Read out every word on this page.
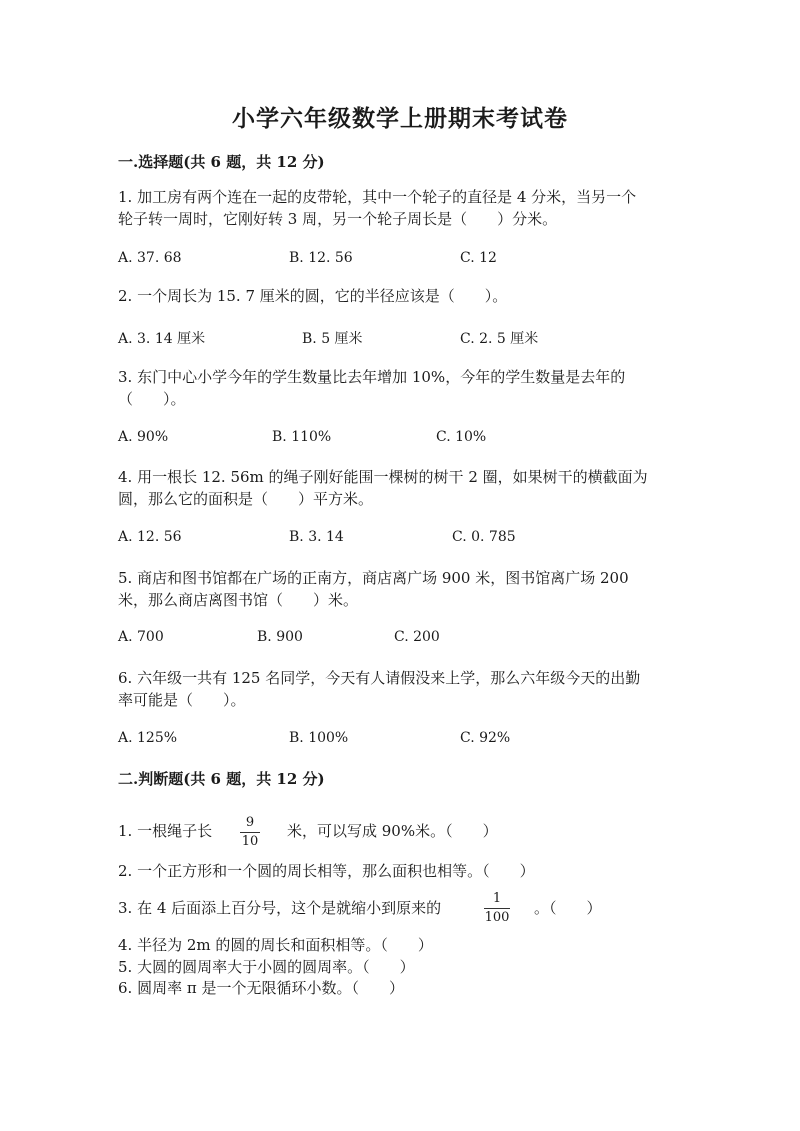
小学六年级数学上册期末考试卷
一.选择题(共 6 题，共 12 分)
1. 加工房有两个连在一起的皮带轮，其中一个轮子的直径是 4 分米，当另一个
轮子转一周时，它刚好转 3 周，另一个轮子周长是（　　）分米。
A. 37. 68	B. 12. 56	C. 12
2. 一个周长为 15. 7 厘米的圆，它的半径应该是（　　）。
A. 3. 14 厘米	B. 5 厘米	C. 2. 5 厘米
3. 东门中心小学今年的学生数量比去年增加 10%，今年的学生数量是去年的
（　　）。
A. 90%	B. 110%	C. 10%
4. 用一根长 12. 56m 的绳子刚好能围一棵树的树干 2 圈，如果树干的横截面为
圆，那么它的面积是（　　）平方米。
A. 12. 56	B. 3. 14	C. 0. 785
5. 商店和图书馆都在广场的正南方，商店离广场 900 米，图书馆离广场 200
米，那么商店离图书馆（　　）米。
A. 700	B. 900	C. 200
6. 六年级一共有 125 名同学，今天有人请假没来上学，那么六年级今天的出勤
率可能是（　　）。
A. 125%	B. 100%	C. 92%
二.判断题(共 6 题，共 12 分)
1. 一根绳子长	9
10
米，可以写成 90%米。（　　）
2. 一个正方形和一个圆的周长相等，那么面积也相等。（　　）
3. 在 4 后面添上百分号，这个是就缩小到原来的
1
100
。（　　）
4. 半径为 2m 的圆的周长和面积相等。（　　）
5. 大圆的圆周率大于小圆的圆周率。（　　）
6. 圆周率 π 是一个无限循环小数。（　　）
